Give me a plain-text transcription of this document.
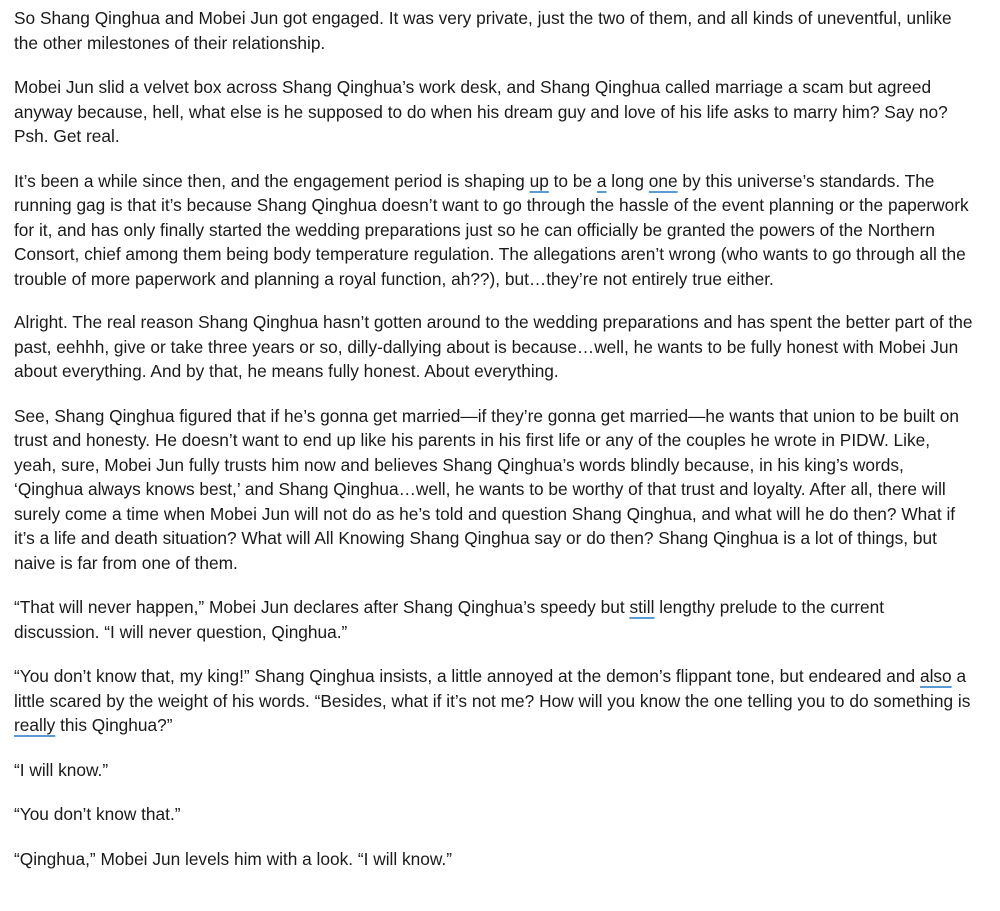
So Shang Qinghua and Mobei Jun got engaged. It was very private, just the two of them, and all kinds of uneventful, unlike the other milestones of their relationship.

Mobei Jun slid a velvet box across Shang Qinghua’s work desk, and Shang Qinghua called marriage a scam but agreed anyway because, hell, what else is he supposed to do when his dream guy and love of his life asks to marry him? Say no? Psh. Get real.

It’s been a while since then, and the engagement period is shaping up to be a long one by this universe’s standards. The running gag is that it’s because Shang Qinghua doesn’t want to go through the hassle of the event planning or the paperwork for it, and has only finally started the wedding preparations just so he can officially be granted the powers of the Northern Consort, chief among them being body temperature regulation. The allegations aren’t wrong (who wants to go through all the trouble of more paperwork and planning a royal function, ah??), but…they’re not entirely true either.

Alright. The real reason Shang Qinghua hasn’t gotten around to the wedding preparations and has spent the better part of the past, eehhh, give or take three years or so, dilly-dallying about is because…well, he wants to be fully honest with Mobei Jun about everything. And by that, he means fully honest. About everything.

See, Shang Qinghua figured that if he’s gonna get married—if they’re gonna get married—he wants that union to be built on trust and honesty. He doesn’t want to end up like his parents in his first life or any of the couples he wrote in PIDW. Like, yeah, sure, Mobei Jun fully trusts him now and believes Shang Qinghua’s words blindly because, in his king’s words, ‘Qinghua always knows best,’ and Shang Qinghua…well, he wants to be worthy of that trust and loyalty. After all, there will surely come a time when Mobei Jun will not do as he’s told and question Shang Qinghua, and what will he do then? What if it’s a life and death situation? What will All Knowing Shang Qinghua say or do then? Shang Qinghua is a lot of things, but naive is far from one of them.

“That will never happen,” Mobei Jun declares after Shang Qinghua’s speedy but still lengthy prelude to the current discussion. “I will never question, Qinghua.”

“You don’t know that, my king!” Shang Qinghua insists, a little annoyed at the demon’s flippant tone, but endeared and also a little scared by the weight of his words. “Besides, what if it’s not me? How will you know the one telling you to do something is really this Qinghua?”

“I will know.”

“You don’t know that.”

“Qinghua,” Mobei Jun levels him with a look. “I will know.”
